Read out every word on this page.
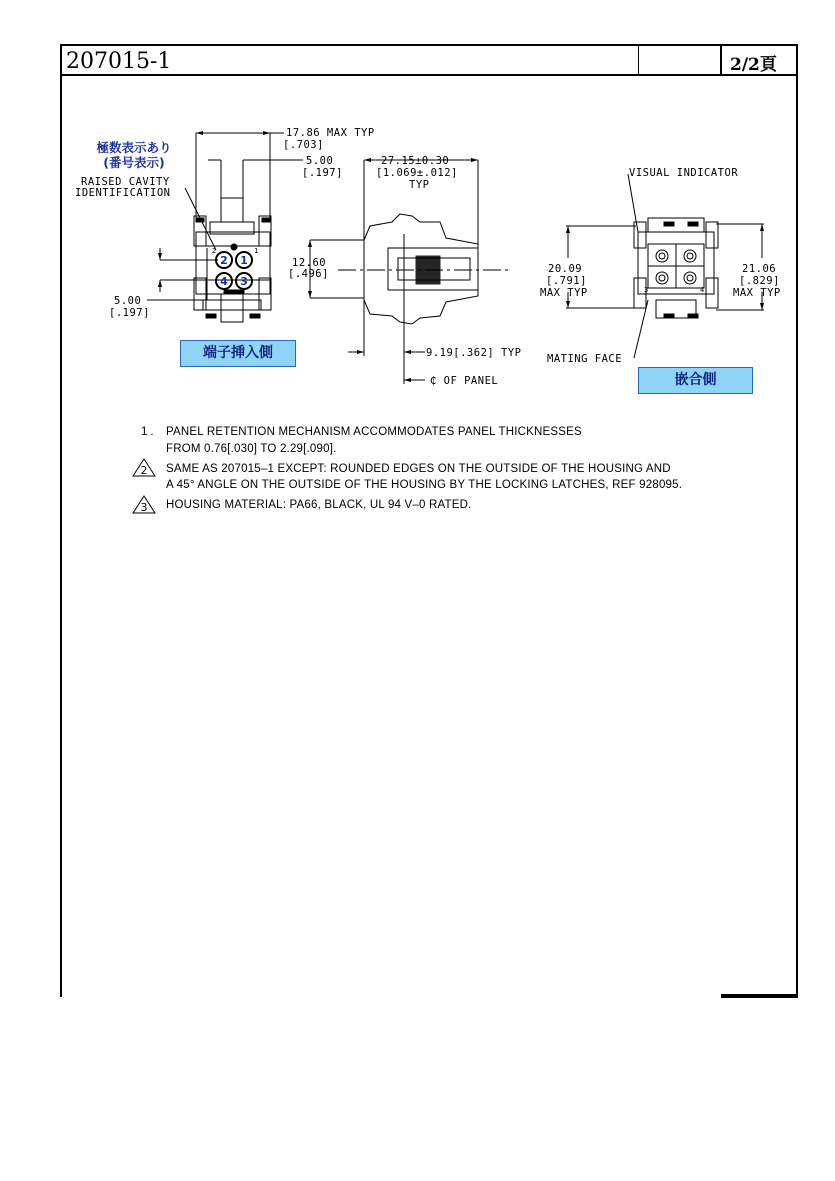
207015-1	2/2頁
極数表示あり
(番号表示)
2 1
4 3
2	1
3	4
17.86 MAX TYP
[.703]
RAISED CAVITY
IDENTIFICATION
5.00
[.197]
27.15±0.30
[1.069±.012]
TYP
12.60
[.496]
5.00
[.197]
9.19[.362] TYP
₵ OF PANEL
VISUAL INDICATOR
20.09
[.791]
MAX TYP
21.06
[.829]
MAX TYP
MATING FACE
2
3
端子挿入側
嵌合側
1. PANEL RETENTION MECHANISM ACCOMMODATES PANEL THICKNESSES
FROM 0.76[.030] TO 2.29[.090].
SAME AS 207015–1 EXCEPT: ROUNDED EDGES ON THE OUTSIDE OF THE HOUSING AND
A 45° ANGLE ON THE OUTSIDE OF THE HOUSING BY THE LOCKING LATCHES, REF 928095.
HOUSING MATERIAL: PA66, BLACK, UL 94 V–0 RATED.
